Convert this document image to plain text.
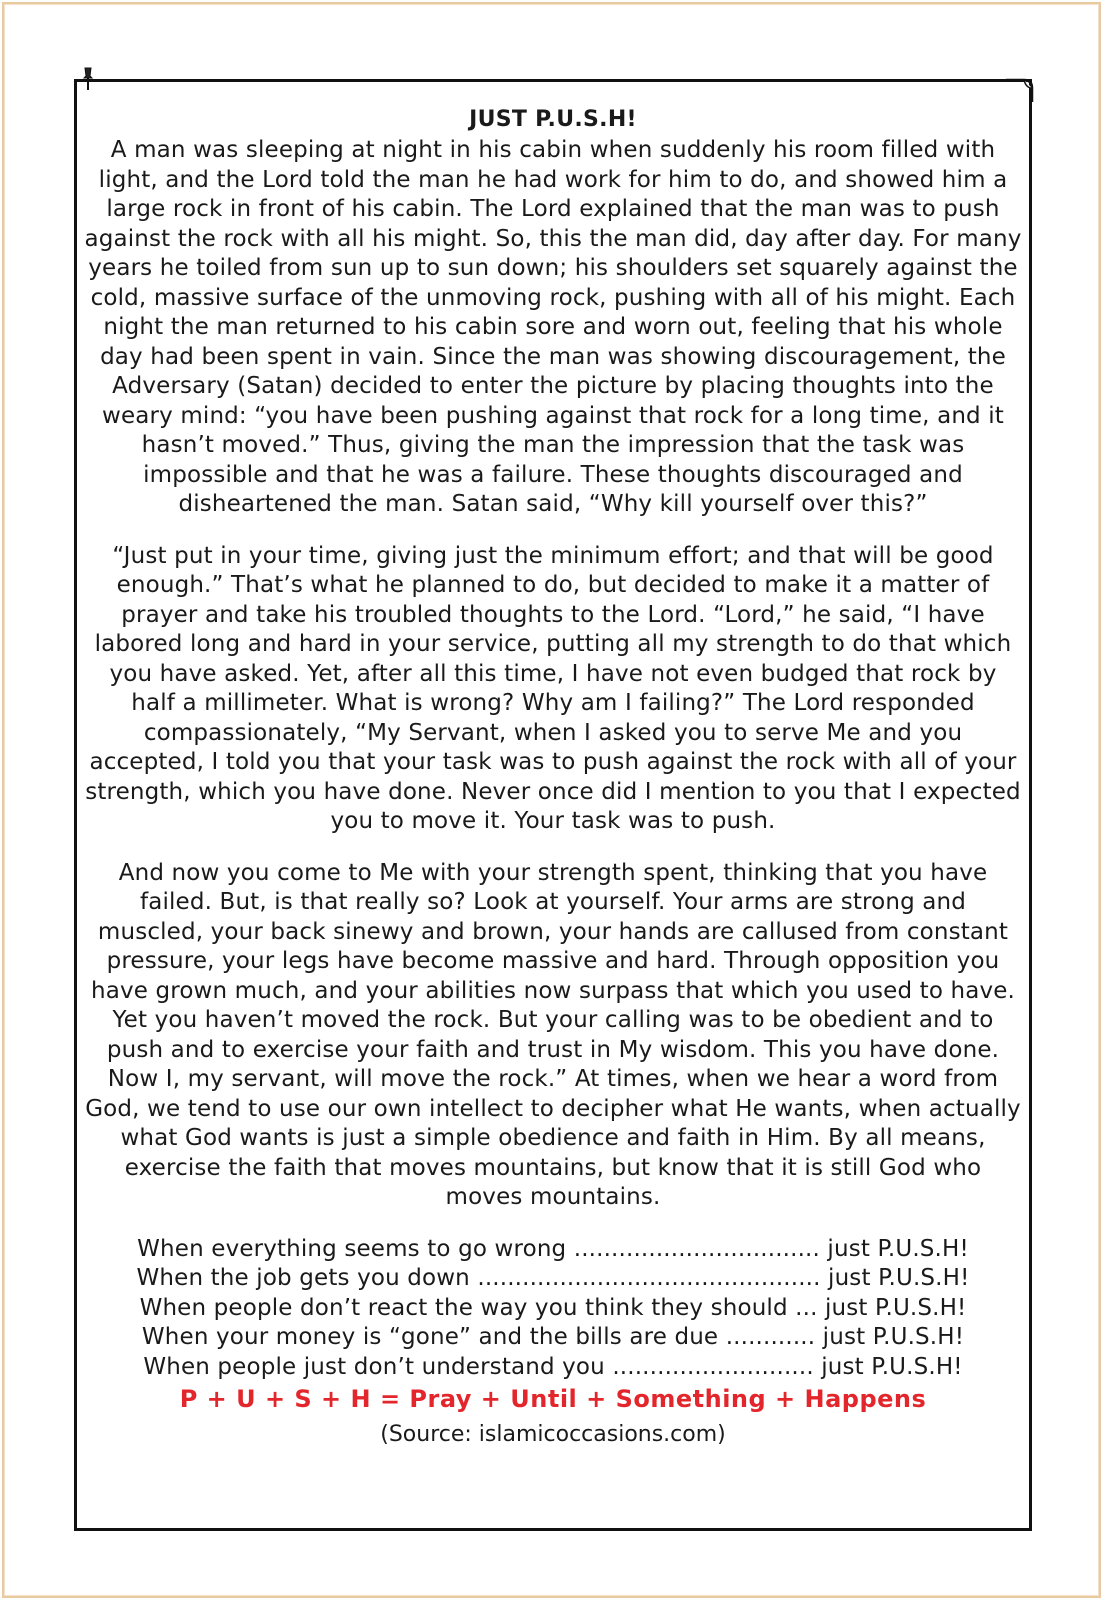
JUST P.U.S.H!

A man was sleeping at night in his cabin when suddenly his room filled with light, and the Lord told the man he had work for him to do, and showed him a large rock in front of his cabin. The Lord explained that the man was to push against the rock with all his might. So, this the man did, day after day. For many years he toiled from sun up to sun down; his shoulders set squarely against the cold, massive surface of the unmoving rock, pushing with all of his might. Each night the man returned to his cabin sore and worn out, feeling that his whole day had been spent in vain. Since the man was showing discouragement, the Adversary (Satan) decided to enter the picture by placing thoughts into the weary mind: “you have been pushing against that rock for a long time, and it hasn’t moved.” Thus, giving the man the impression that the task was impossible and that he was a failure. These thoughts discouraged and disheartened the man. Satan said, “Why kill yourself over this?”

“Just put in your time, giving just the minimum effort; and that will be good enough.” That’s what he planned to do, but decided to make it a matter of prayer and take his troubled thoughts to the Lord. “Lord,” he said, “I have labored long and hard in your service, putting all my strength to do that which you have asked. Yet, after all this time, I have not even budged that rock by half a millimeter. What is wrong? Why am I failing?” The Lord responded compassionately, “My Servant, when I asked you to serve Me and you accepted, I told you that your task was to push against the rock with all of your strength, which you have done. Never once did I mention to you that I expected you to move it. Your task was to push.

And now you come to Me with your strength spent, thinking that you have failed. But, is that really so? Look at yourself. Your arms are strong and muscled, your back sinewy and brown, your hands are callused from constant pressure, your legs have become massive and hard. Through opposition you have grown much, and your abilities now surpass that which you used to have. Yet you haven’t moved the rock. But your calling was to be obedient and to push and to exercise your faith and trust in My wisdom. This you have done. Now I, my servant, will move the rock.” At times, when we hear a word from God, we tend to use our own intellect to decipher what He wants, when actually what God wants is just a simple obedience and faith in Him. By all means, exercise the faith that moves mountains, but know that it is still God who moves mountains.

When everything seems to go wrong ................................. just P.U.S.H!
When the job gets you down .............................................. just P.U.S.H!
When people don’t react the way you think they should ... just P.U.S.H!
When your money is “gone” and the bills are due ............ just P.U.S.H!
When people just don’t understand you ........................... just P.U.S.H!
P + U + S + H = Pray + Until + Something + Happens
(Source: islamicoccasions.com)
